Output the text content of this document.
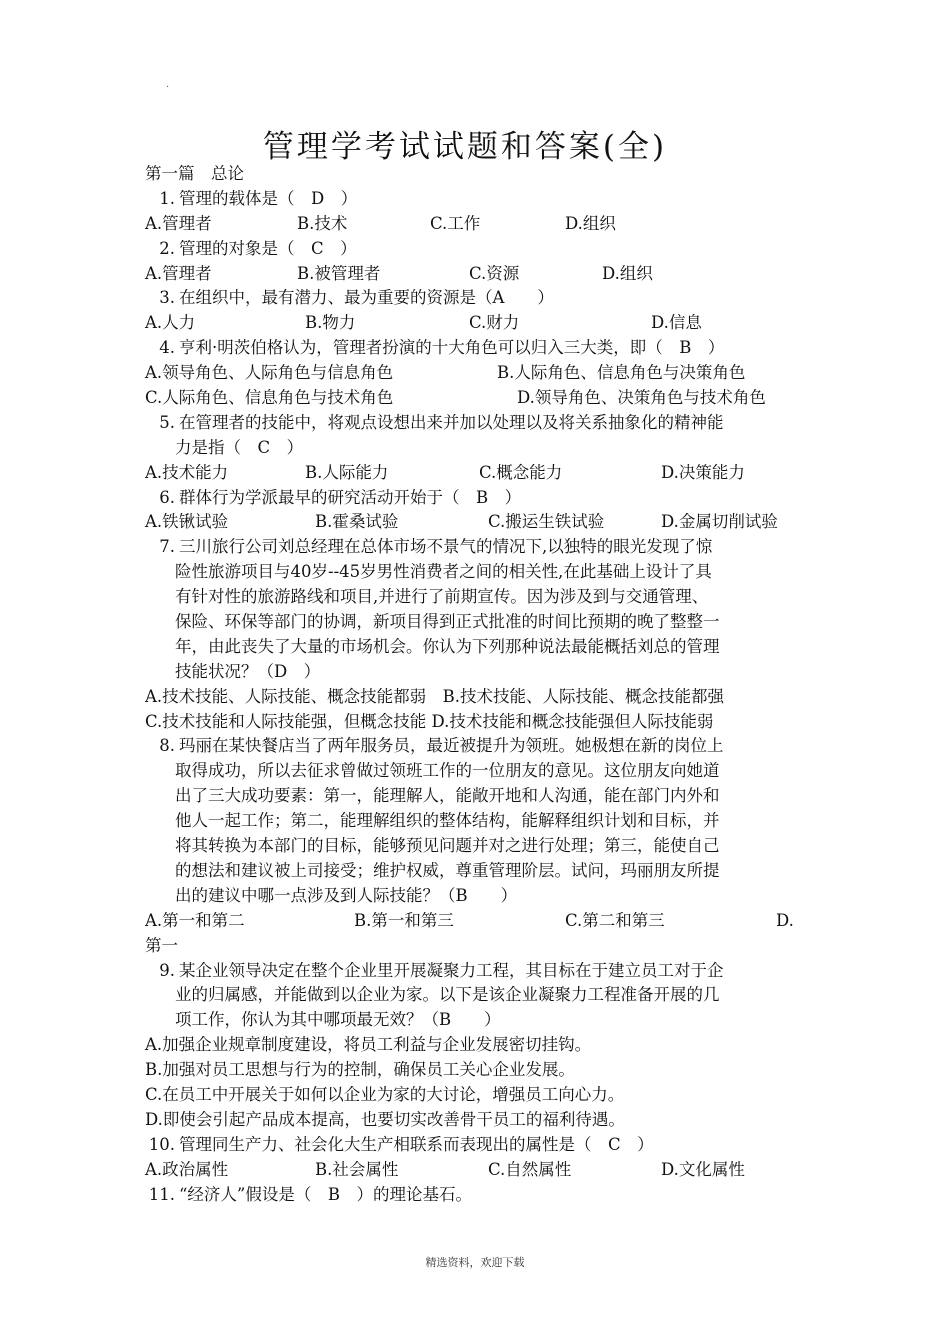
·
管理学考试试题和答案(全)
第一篇　总论
1. 管理的载体是（　D　）
A.管理者	B.技术	C.工作	D.组织
2. 管理的对象是（　C　）
A.管理者	B.被管理者	C.资源	D.组织
3. 在组织中，最有潜力、最为重要的资源是（A　　）
A.人力	B.物力	C.财力	D.信息
4. 亨利·明茨伯格认为，管理者扮演的十大角色可以归入三大类，即（　B　）
A.领导角色、人际角色与信息角色	B.人际角色、信息角色与决策角色
C.人际角色、信息角色与技术角色	D.领导角色、决策角色与技术角色
5. 在管理者的技能中，将观点设想出来并加以处理以及将关系抽象化的精神能
力是指（　C　）
A.技术能力	B.人际能力	C.概念能力	D.决策能力
6. 群体行为学派最早的研究活动开始于（　B　）
A.铁锹试验	B.霍桑试验	C.搬运生铁试验	D.金属切削试验
7. 三川旅行公司刘总经理在总体市场不景气的情况下,以独特的眼光发现了惊
险性旅游项目与40岁--45岁男性消费者之间的相关性,在此基础上设计了具
有针对性的旅游路线和项目,并进行了前期宣传。因为涉及到与交通管理、
保险、环保等部门的协调，新项目得到正式批准的时间比预期的晚了整整一
年，由此丧失了大量的市场机会。你认为下列那种说法最能概括刘总的管理
技能状况？（D　）
A.技术技能、人际技能、概念技能都弱　B.技术技能、人际技能、概念技能都强
C.技术技能和人际技能强，但概念技能 D.技术技能和概念技能强但人际技能弱
8. 玛丽在某快餐店当了两年服务员，最近被提升为领班。她极想在新的岗位上
取得成功，所以去征求曾做过领班工作的一位朋友的意见。这位朋友向她道
出了三大成功要素：第一，能理解人，能敞开地和人沟通，能在部门内外和
他人一起工作；第二，能理解组织的整体结构，能解释组织计划和目标，并
将其转换为本部门的目标，能够预见问题并对之进行处理；第三，能使自己
的想法和建议被上司接受；维护权威，尊重管理阶层。试问，玛丽朋友所提
出的建议中哪一点涉及到人际技能？（B　　）
A.第一和第二	B.第一和第三	C.第二和第三	D.
第一
9. 某企业领导决定在整个企业里开展凝聚力工程，其目标在于建立员工对于企
业的归属感，并能做到以企业为家。以下是该企业凝聚力工程准备开展的几
项工作，你认为其中哪项最无效？（B　　）
A.加强企业规章制度建设，将员工利益与企业发展密切挂钩。
B.加强对员工思想与行为的控制，确保员工关心企业发展。
C.在员工中开展关于如何以企业为家的大讨论，增强员工向心力。
D.即使会引起产品成本提高，也要切实改善骨干员工的福利待遇。
10. 管理同生产力、社会化大生产相联系而表现出的属性是（　C　）
A.政治属性	B.社会属性	C.自然属性	D.文化属性
11. “经济人”假设是（　B　）的理论基石。
精选资料，欢迎下载
